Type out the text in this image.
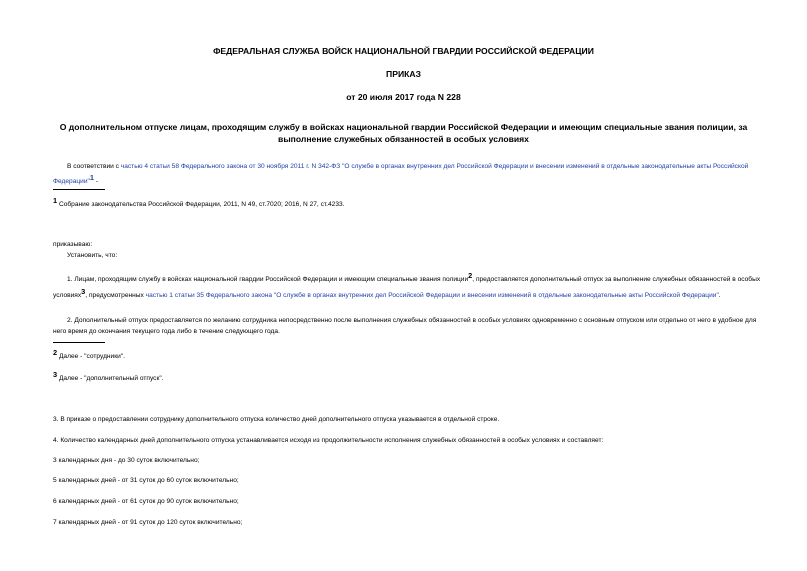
ФЕДЕРАЛЬНАЯ СЛУЖБА ВОЙСК НАЦИОНАЛЬНОЙ ГВАРДИИ РОССИЙСКОЙ ФЕДЕРАЦИИ
ПРИКАЗ
от 20 июля 2017 года N 228
О дополнительном отпуске лицам, проходящим службу в войсках национальной гвардии Российской Федерации и имеющим специальные звания полиции, за выполнение служебных обязанностей в особых условиях
В соответствии с частью 4 статьи 58 Федерального закона от 30 ноября 2011 г. N 342-ФЗ "О службе в органах внутренних дел Российской Федерации и внесении изменений в отдельные законодательные акты Российской Федерации"$^1$ -
$^1$ Собрание законодательства Российской Федерации, 2011, N 49, ст.7020; 2016, N 27, ст.4233.
приказываю:
Установить, что:
1. Лицам, проходящим службу в войсках национальной гвардии Российской Федерации и имеющим специальные звания полиции$^2$, предоставляется дополнительный отпуск за выполнение служебных обязанностей в особых условиях$^3$, предусмотренных частью 1 статьи 35 Федерального закона "О службе в органах внутренних дел Российской Федерации и внесении изменений в отдельные законодательные акты Российской Федерации".
2. Дополнительный отпуск предоставляется по желанию сотрудника непосредственно после выполнения служебных обязанностей в особых условиях одновременно с основным отпуском или отдельно от него в удобное для него время до окончания текущего года либо в течение следующего года.
$^2$ Далее - "сотрудники".
$^3$ Далее - "дополнительный отпуск".
3. В приказе о предоставлении сотруднику дополнительного отпуска количество дней дополнительного отпуска указывается в отдельной строке.
4. Количество календарных дней дополнительного отпуска устанавливается исходя из продолжительности исполнения служебных обязанностей в особых условиях и составляет:
3 календарных дня - до 30 суток включительно;
5 календарных дней - от 31 суток до 60 суток включительно;
6 календарных дней - от 61 суток до 90 суток включительно;
7 календарных дней - от 91 суток до 120 суток включительно;
